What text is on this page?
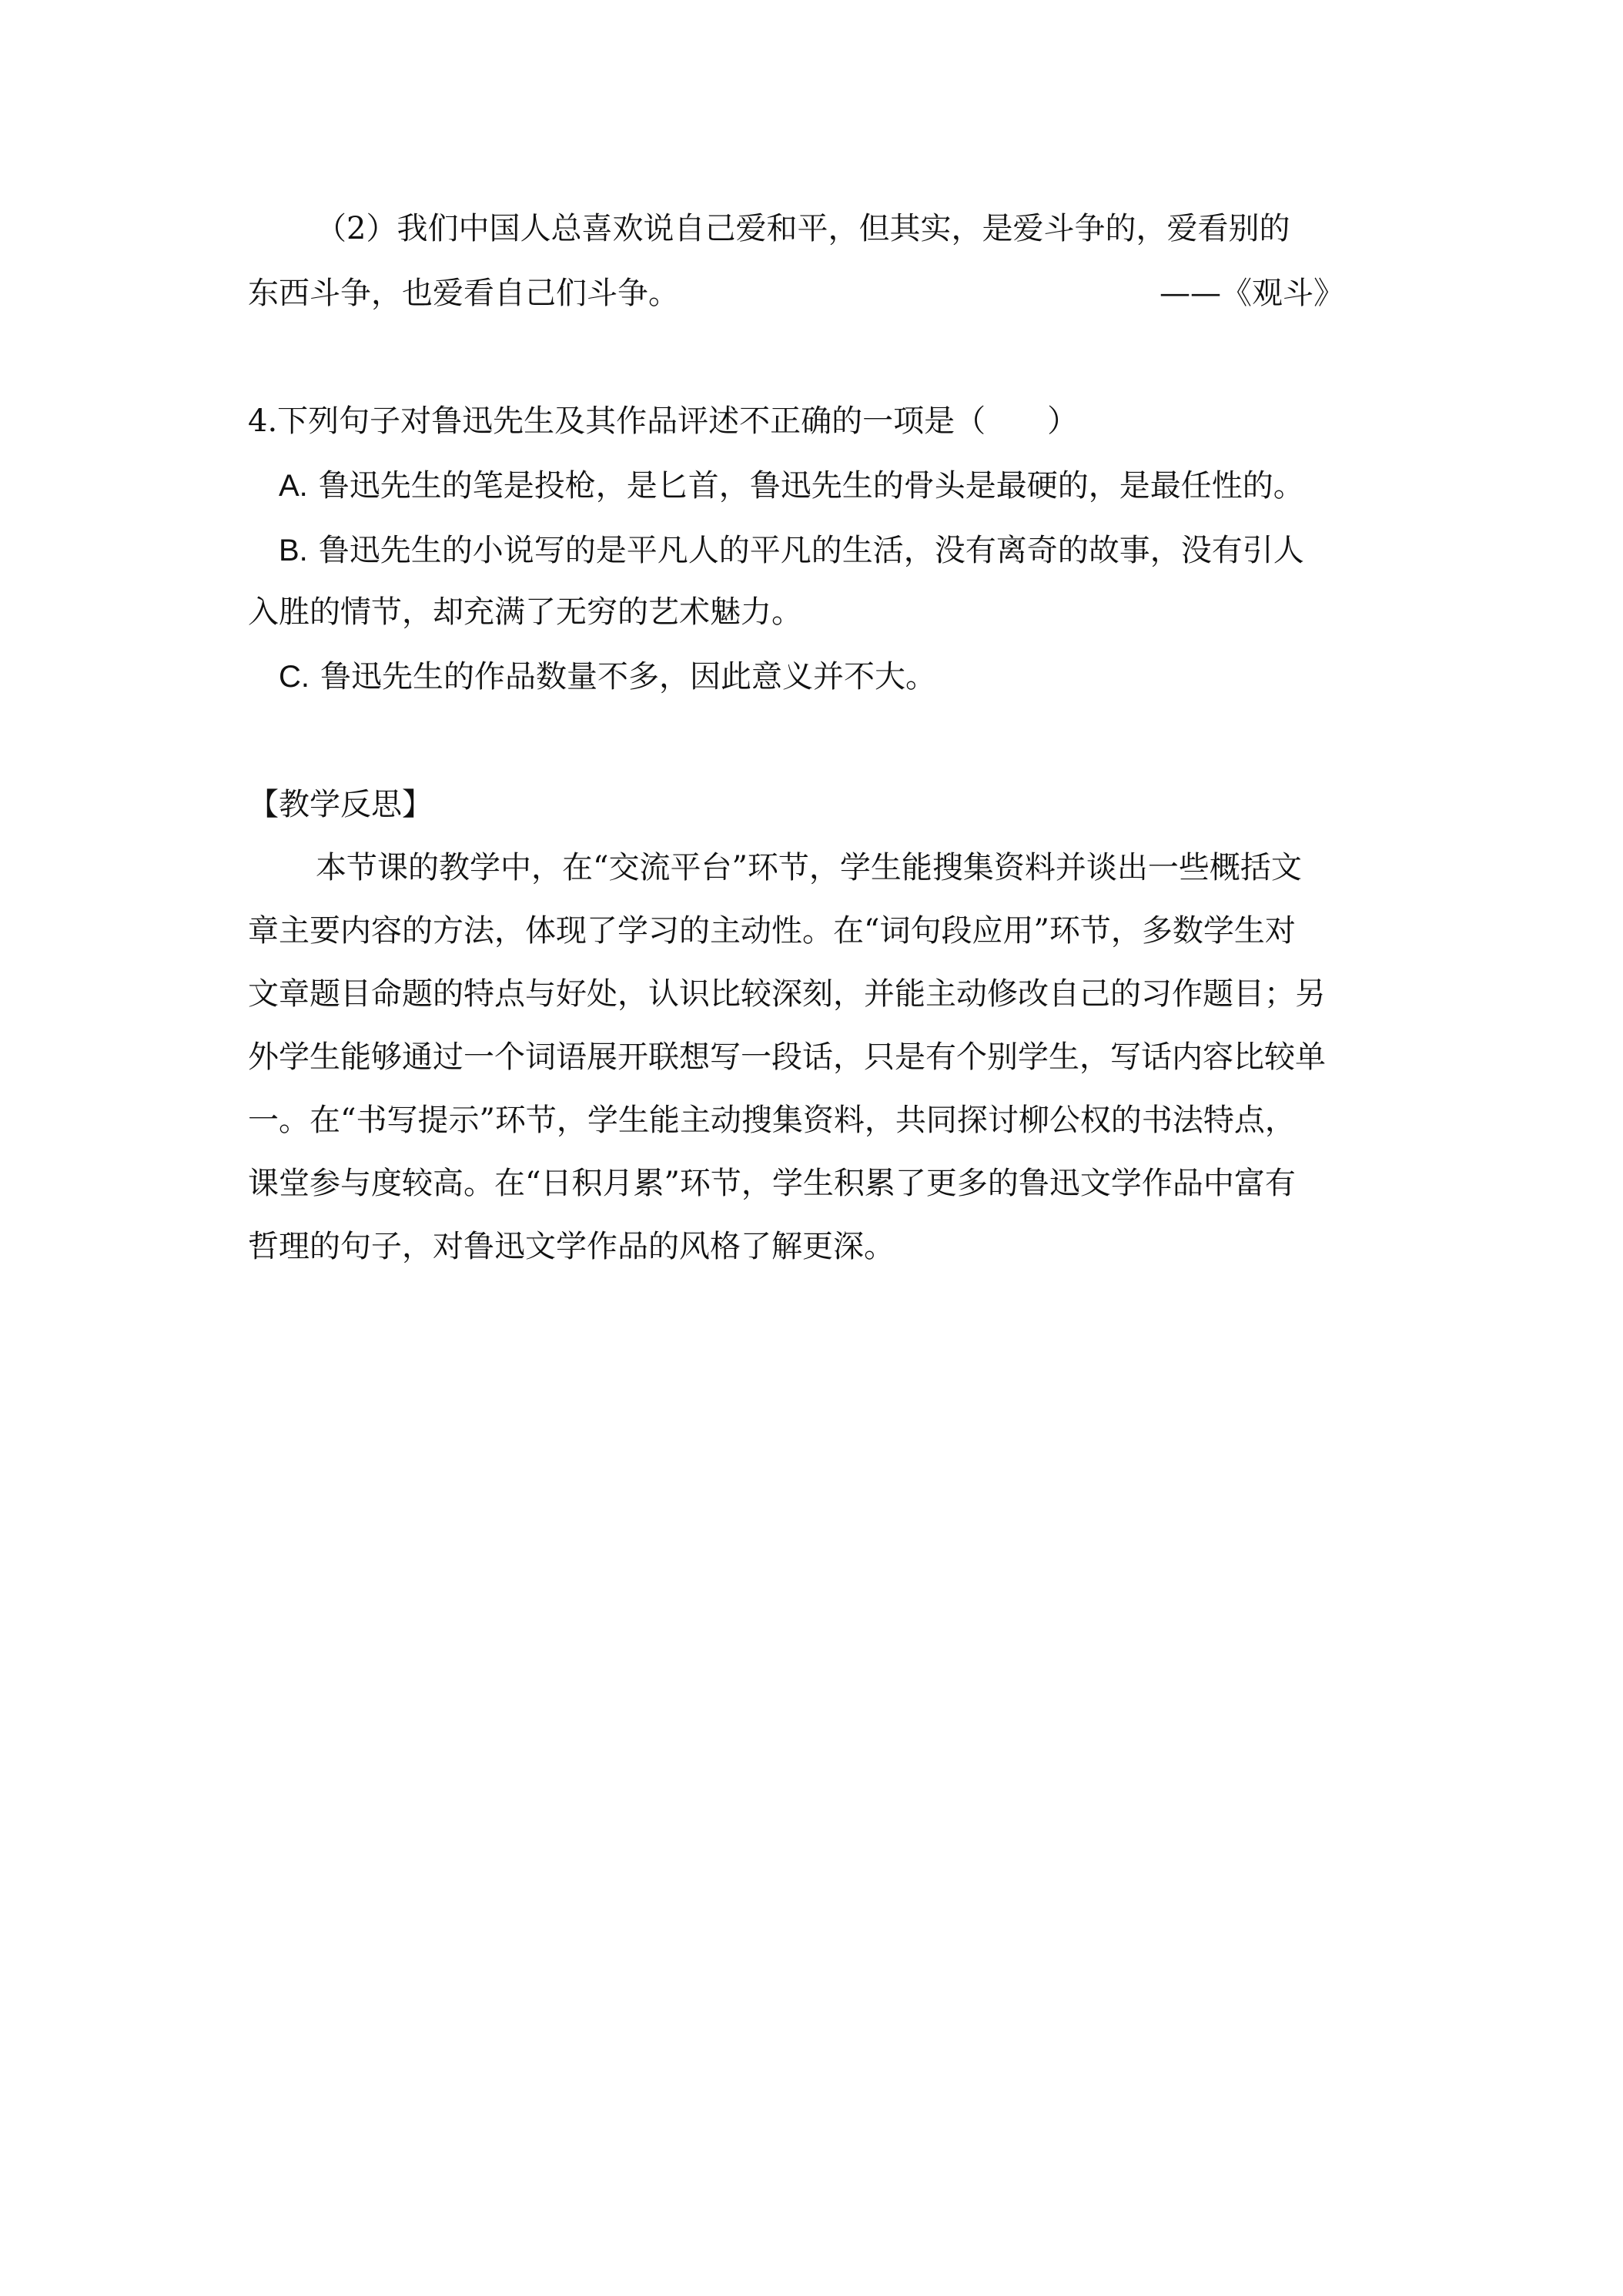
（2）我们中国人总喜欢说自己爱和平，但其实，是爱斗争的，爱看别的
东西斗争，也爱看自己们斗争。	——《观斗》
4.下列句子对鲁迅先生及其作品评述不正确的一项是（　　）
A. 鲁迅先生的笔是投枪，是匕首，鲁迅先生的骨头是最硬的，是最任性的。
B. 鲁迅先生的小说写的是平凡人的平凡的生活，没有离奇的故事，没有引人
入胜的情节，却充满了无穷的艺术魅力。
C. 鲁迅先生的作品数量不多，因此意义并不大。
【教学反思】
本节课的教学中，在“交流平台”环节，学生能搜集资料并谈出一些概括文
章主要内容的方法，体现了学习的主动性。在“词句段应用”环节，多数学生对
文章题目命题的特点与好处，认识比较深刻，并能主动修改自己的习作题目；另
外学生能够通过一个词语展开联想写一段话，只是有个别学生，写话内容比较单
一。在“书写提示”环节，学生能主动搜集资料，共同探讨柳公权的书法特点，
课堂参与度较高。在“日积月累”环节，学生积累了更多的鲁迅文学作品中富有
哲理的句子，对鲁迅文学作品的风格了解更深。
